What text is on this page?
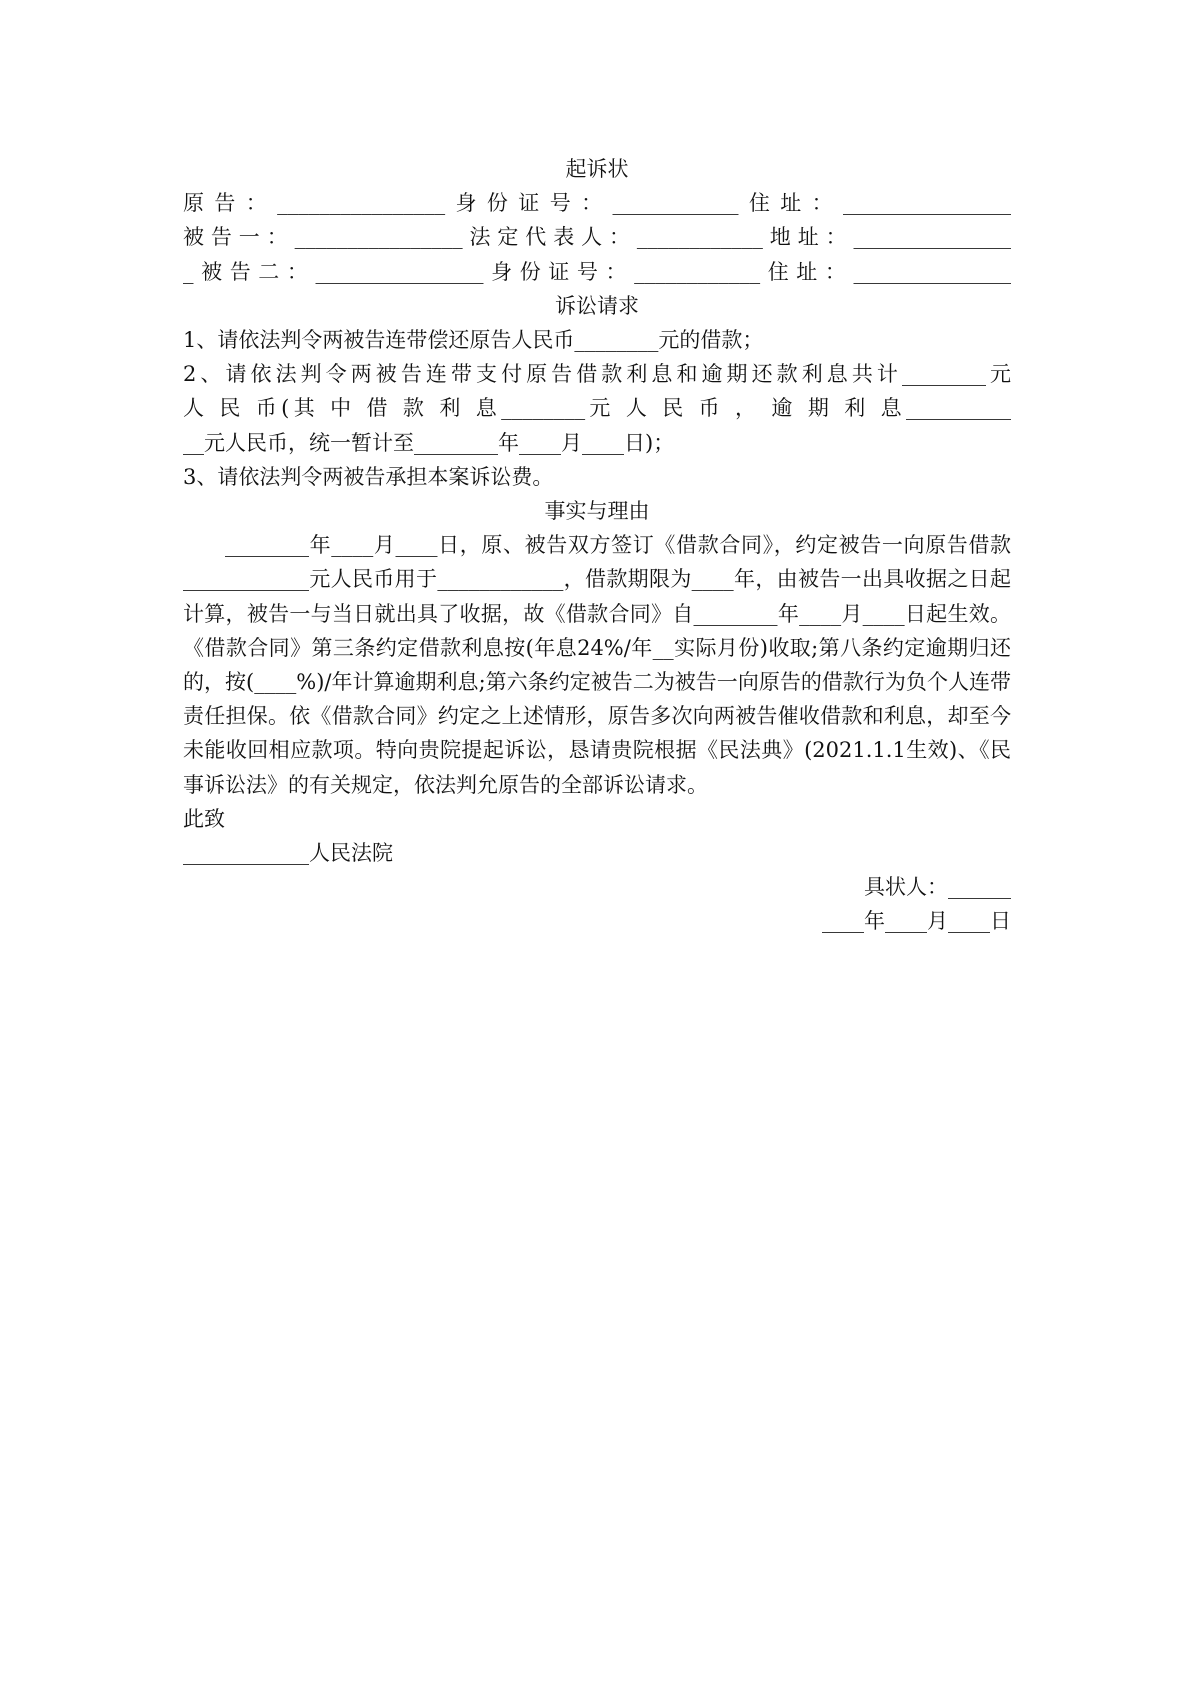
起诉状
原告：________________身份证号：____________住址：________________
被告一：________________法定代表人：____________地址：_______________
_被告二：________________身份证号：____________住址：_______________
诉讼请求
1、请依法判令两被告连带偿还原告人民币________元的借款；
2、请依法判令两被告连带支付原告借款利息和逾期还款利息共计________元
人 民 币(其 中 借 款 利 息________元 人 民 币 ， 逾 期 利 息__________
__元人民币，统一暂计至________年____月____日)；
3、请依法判令两被告承担本案诉讼费。
事实与理由
________年____月____日，原、被告双方签订《借款合同》，约定被告一向原告借款____________元人民币用于____________，借款期限为____年，由被告一出具收据之日起计算，被告一与当日就出具了收据，故《借款合同》自________年____月____日起生效。《借款合同》第三条约定借款利息按(年息24%/年__实际月份)收取;第八条约定逾期归还的，按(____%)/年计算逾期利息;第六条约定被告二为被告一向原告的借款行为负个人连带责任担保。依《借款合同》约定之上述情形，原告多次向两被告催收借款和利息，却至今未能收回相应款项。特向贵院提起诉讼，恳请贵院根据《民法典》(2021.1.1生效)、《民事诉讼法》的有关规定，依法判允原告的全部诉讼请求。
此致
____________人民法院
具状人：______
____年____月____日
